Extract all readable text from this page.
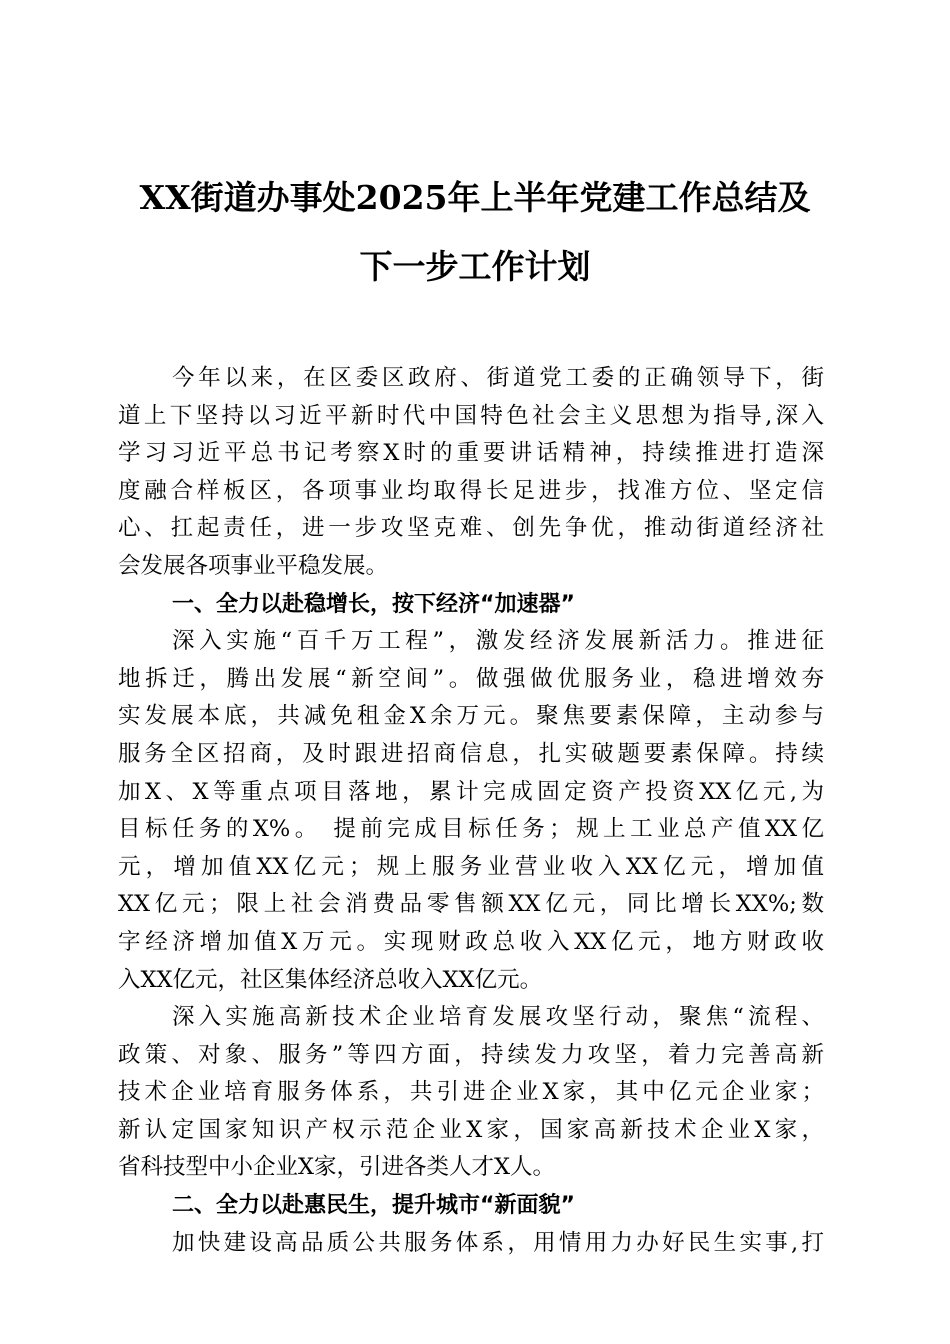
XX街道办事处2025年上半年党建工作总结及
下一步工作计划
今年以来，在区委区政府、街道党工委的正确领导下，街
道上下坚持以习近平新时代中国特色社会主义思想为指导,深入
学习习近平总书记考察X时的重要讲话精神，持续推进打造深
度融合样板区，各项事业均取得长足进步，找准方位、坚定信
心、扛起责任，进一步攻坚克难、创先争优，推动街道经济社
会发展各项事业平稳发展。
一、全力以赴稳增长，按下经济“加速器”
深入实施“百千万工程”，激发经济发展新活力。推进征
地拆迁，腾出发展“新空间”。做强做优服务业，稳进增效夯
实发展本底，共减免租金X余万元。聚焦要素保障，主动参与
服务全区招商，及时跟进招商信息，扎实破题要素保障。持续
加X、X等重点项目落地，累计完成固定资产投资XX亿元,为
目标任务的X%。 提前完成目标任务；规上工业总产值XX亿
元，增加值XX亿元；规上服务业营业收入XX亿元，增加值
XX亿元；限上社会消费品零售额XX亿元，同比增长XX%;数
字经济增加值X万元。实现财政总收入XX亿元，地方财政收
入XX亿元，社区集体经济总收入XX亿元。
深入实施高新技术企业培育发展攻坚行动，聚焦“流程、
政策、对象、服务”等四方面，持续发力攻坚，着力完善高新
技术企业培育服务体系，共引进企业X家，其中亿元企业家；
新认定国家知识产权示范企业X家，国家高新技术企业X家，
省科技型中小企业X家，引进各类人才X人。
二、全力以赴惠民生，提升城市“新面貌”
加快建设高品质公共服务体系，用情用力办好民生实事,打
